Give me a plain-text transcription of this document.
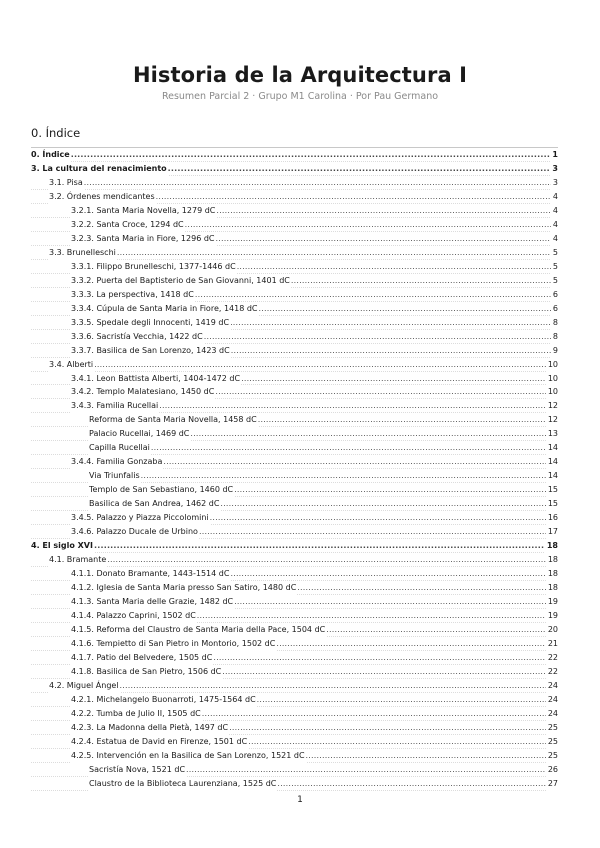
Historia de la Arquitectura I
Resumen Parcial 2 · Grupo M1 Carolina · Por Pau Germano
0. Índice
0. Índice .....	1
3. La cultura del renacimiento .....	3
3.1. Pisa .....	3
3.2. Órdenes mendicantes .....	4
3.2.1. Santa Maria Novella, 1279 dC .....	4
3.2.2. Santa Croce, 1294 dC .....	4
3.2.3. Santa Maria in Fiore, 1296 dC .....	4
3.3. Brunelleschi .....	5
3.3.1. Filippo Brunelleschi, 1377-1446 dC .....	5
3.3.2. Puerta del Baptisterio de San Giovanni, 1401 dC .....	5
3.3.3. La perspectiva, 1418 dC .....	6
3.3.4. Cúpula de Santa Maria in Fiore, 1418 dC .....	6
3.3.5. Spedale degli Innocenti, 1419 dC .....	8
3.3.6. Sacristía Vecchia, 1422 dC .....	8
3.3.7. Basilica de San Lorenzo, 1423 dC .....	9
3.4. Alberti .....	10
3.4.1. Leon Battista Alberti, 1404-1472 dC .....	10
3.4.2. Templo Malatesiano, 1450 dC .....	10
3.4.3. Familia Rucellai .....	12
Reforma de Santa Maria Novella, 1458 dC .....	12
Palacio Rucellai, 1469 dC .....	13
Capilla Rucellai .....	14
3.4.4. Familia Gonzaba .....	14
Via Triunfalis .....	14
Templo de San Sebastiano, 1460 dC .....	15
Basilica de San Andrea, 1462 dC .....	15
3.4.5. Palazzo y Piazza Piccolomini .....	16
3.4.6. Palazzo Ducale de Urbino .....	17
4. El siglo XVI .....	18
4.1. Bramante .....	18
4.1.1. Donato Bramante, 1443-1514 dC .....	18
4.1.2. Iglesia de Santa Maria presso San Satiro, 1480 dC .....	18
4.1.3. Santa Maria delle Grazie, 1482 dC .....	19
4.1.4. Palazzo Caprini, 1502 dC .....	19
4.1.5. Reforma del Claustro de Santa Maria della Pace, 1504 dC .....	20
4.1.6. Tempietto di San Pietro in Montorio, 1502 dC .....	21
4.1.7. Patio del Belvedere, 1505 dC .....	22
4.1.8. Basilica de San Pietro, 1506 dC .....	22
4.2. Miguel Ángel .....	24
4.2.1. Michelangelo Buonarroti, 1475-1564 dC .....	24
4.2.2. Tumba de Julio II, 1505 dC .....	24
4.2.3. La Madonna della Pietà, 1497 dC .....	25
4.2.4. Estatua de David en Firenze, 1501 dC .....	25
4.2.5. Intervención en la Basilica de San Lorenzo, 1521 dC .....	25
Sacristía Nova, 1521 dC .....	26
Claustro de la Biblioteca Laurenziana, 1525 dC .....	27
1
